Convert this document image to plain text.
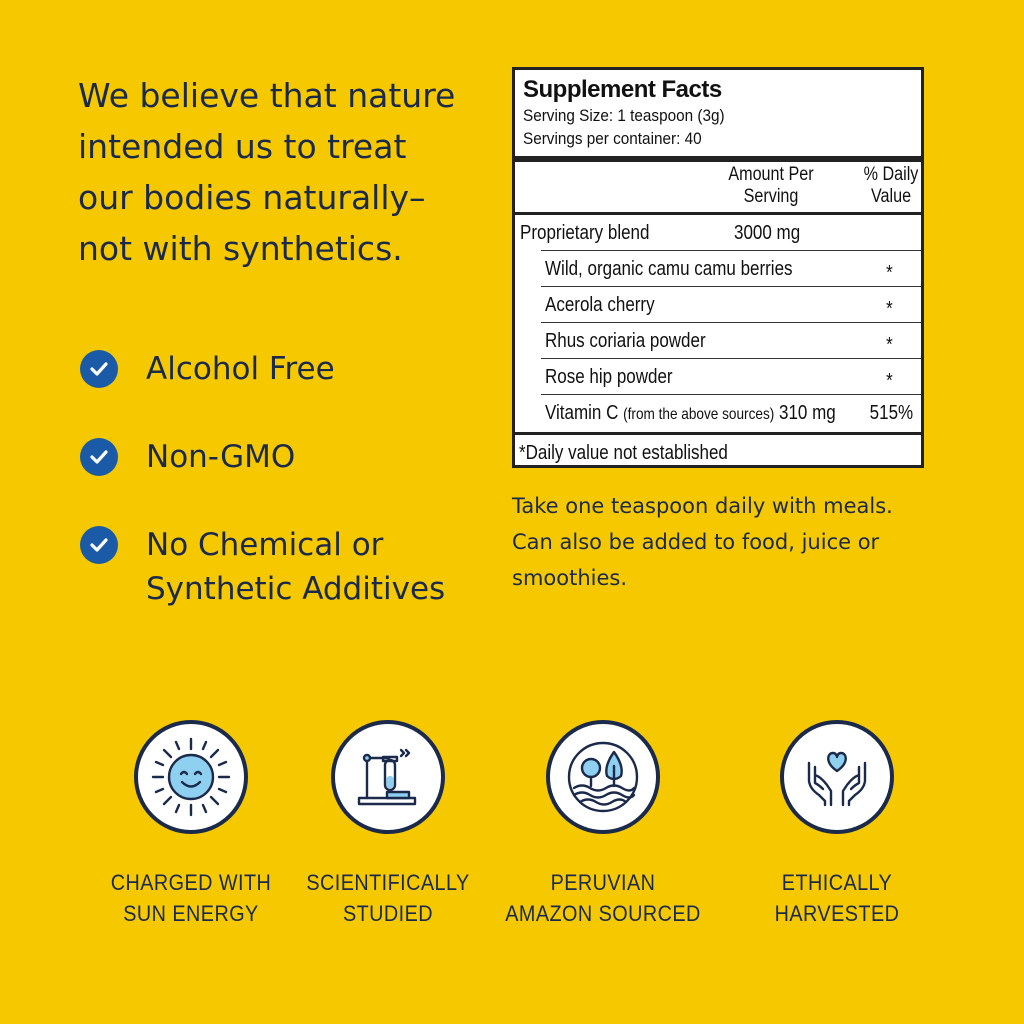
We believe that nature
intended us to treat
our bodies naturally–
not with synthetics.
Alcohol Free
Non-GMO
No Chemical or
Synthetic Additives
Supplement Facts
Serving Size: 1 teaspoon (3g)
Servings per container: 40
Amount Per
Serving
% Daily
Value
Proprietary blend	3000 mg
Wild, organic camu camu berries	*
Acerola cherry	*
Rhus coriaria powder	*
Rose hip powder	*
Vitamin C (from the above sources) 310 mg 515%
*Daily value not established

Take one teaspoon daily with meals.
Can also be added to food, juice or
smoothies.

CHARGED WITH
SUN ENERGY
SCIENTIFICALLY
STUDIED
PERUVIAN
AMAZON SOURCED
ETHICALLY
HARVESTED
